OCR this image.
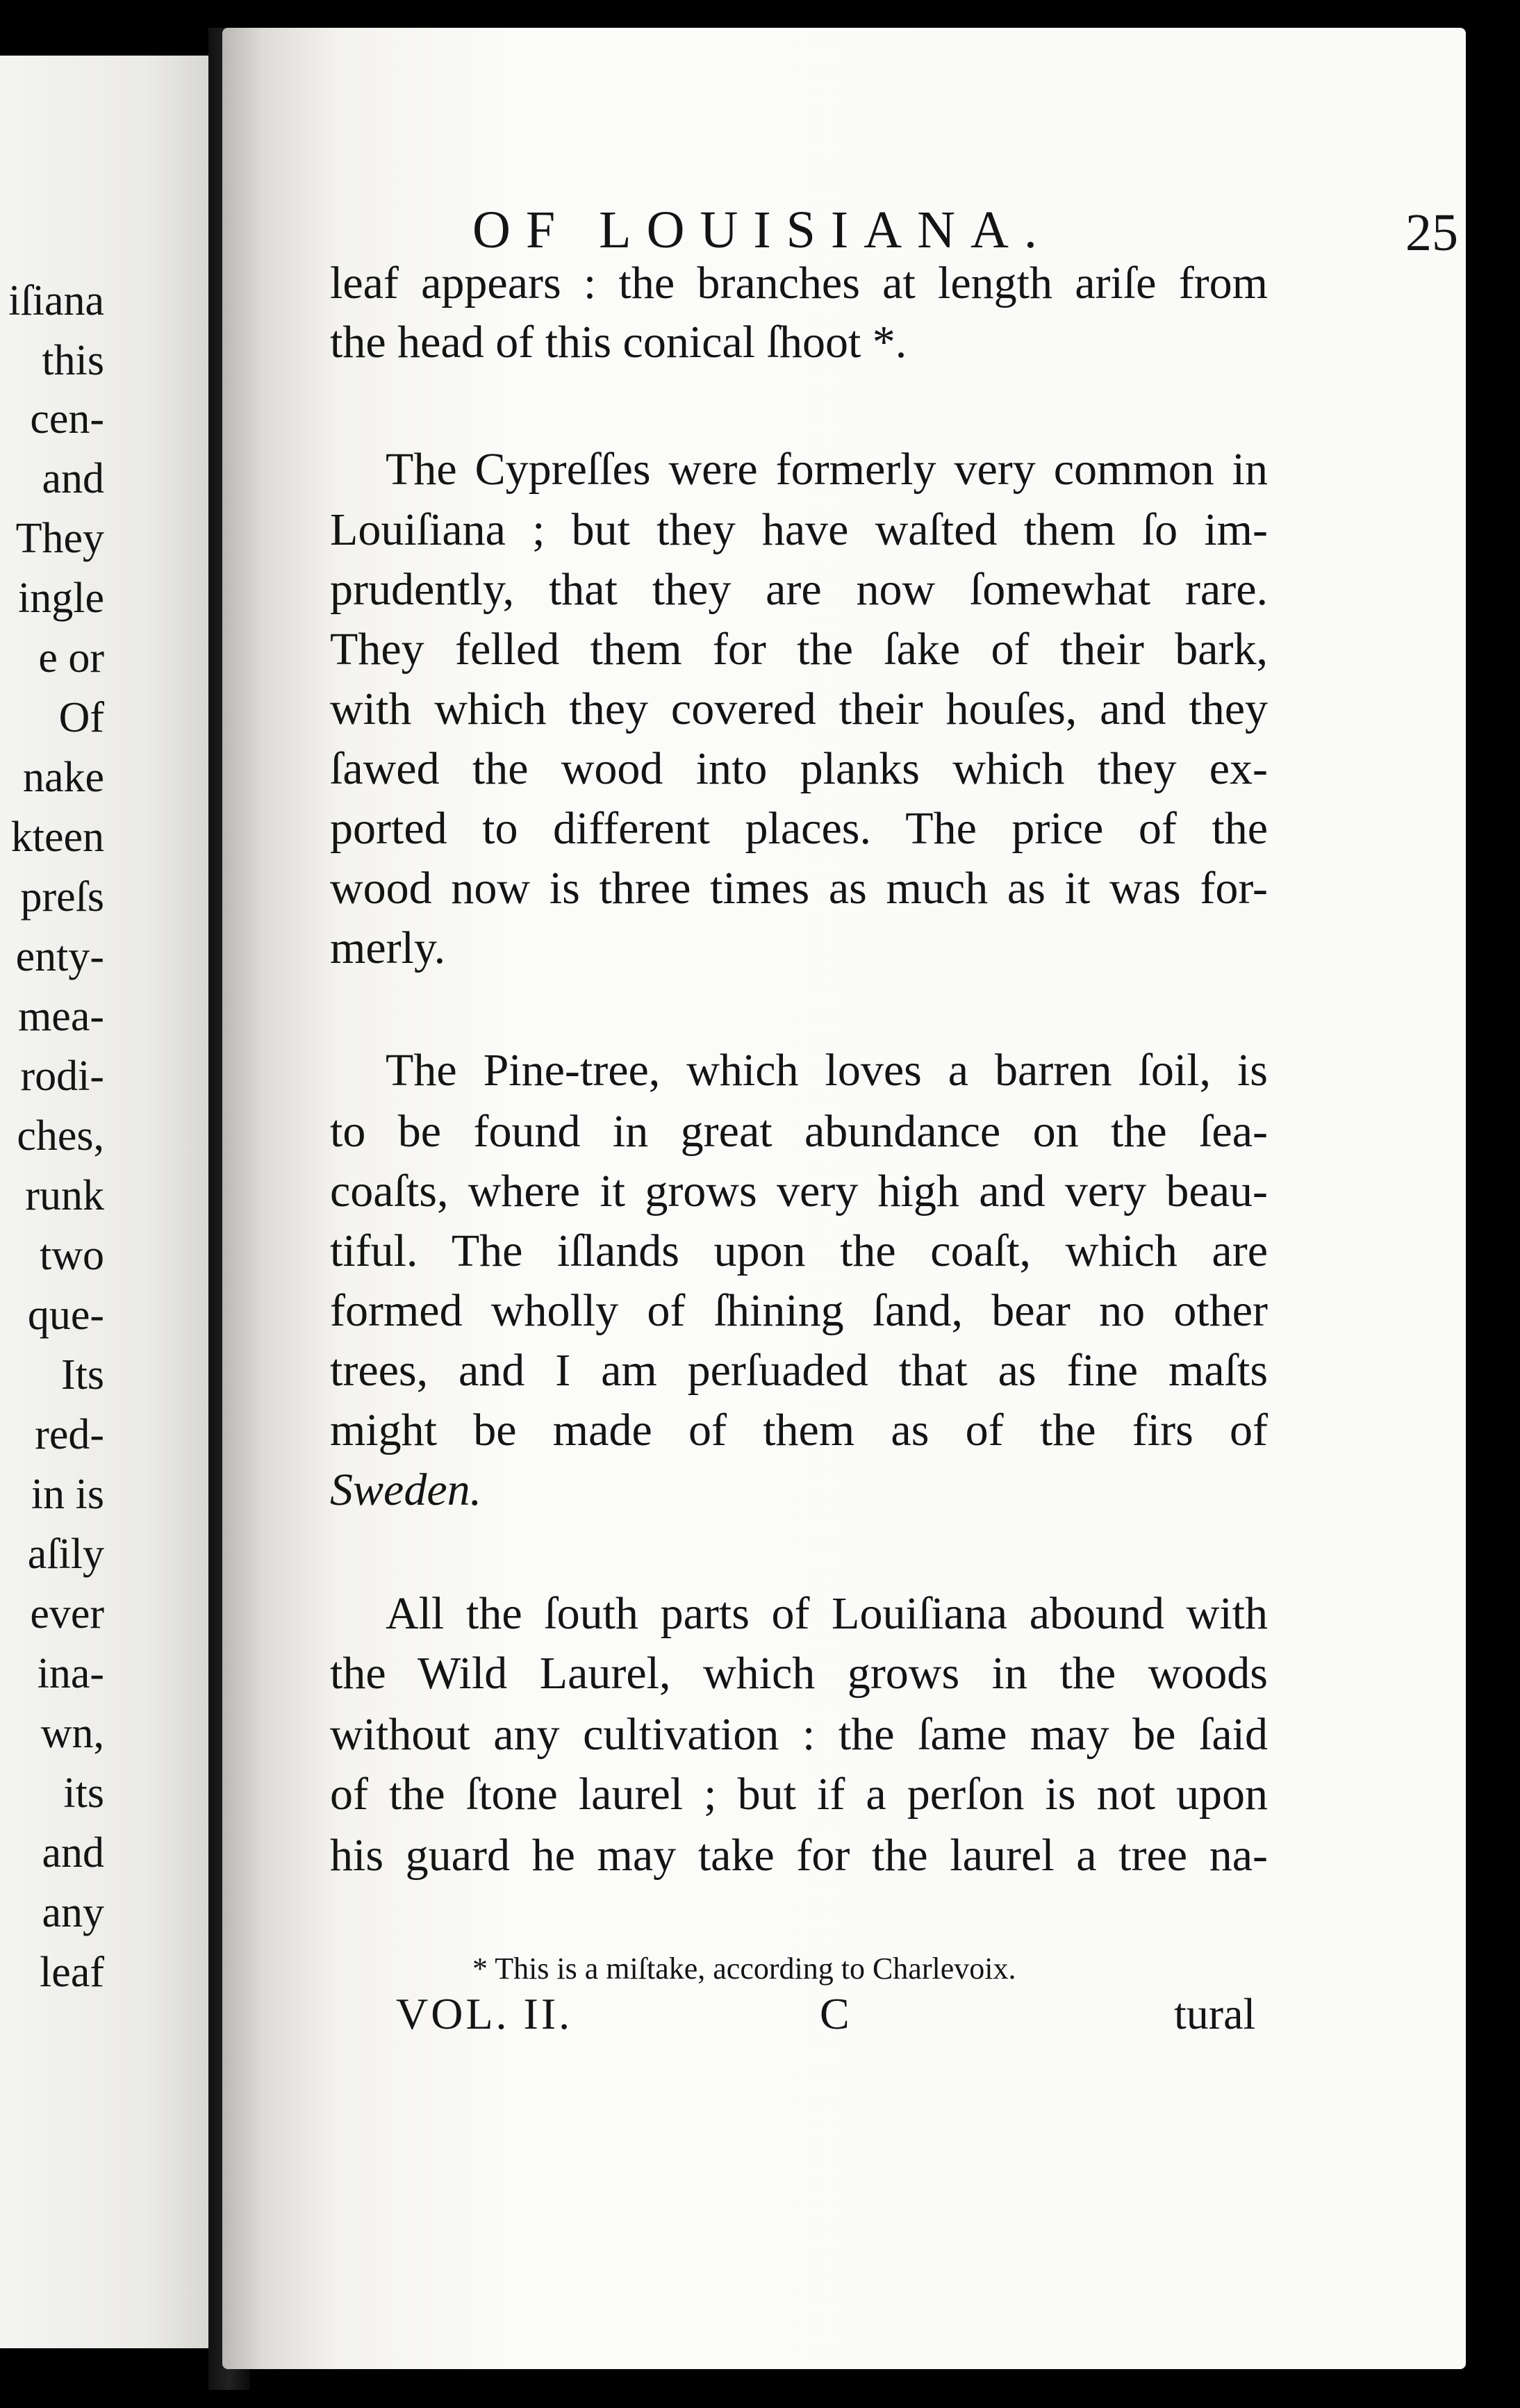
iſiana
this
cen-
and
They
ingle
e or
Of
nake
kteen
preſs
enty-
mea-
rodi-
ches,
runk
two
que-
Its
red-
in is
aſily
ever
ina-
wn,
its
and
any
leaf
OF LOUISIANA.	25
leaf appears : the branches at length ariſe from
the head of this conical ſhoot *.
The Cypreſſes were formerly very common in
Louiſiana ; but they have waſted them ſo im-
prudently, that they are now ſomewhat rare.
They felled them for the ſake of their bark,
with which they covered their houſes, and they
ſawed the wood into planks which they ex-
ported to different places. The price of the
wood now is three times as much as it was for-
merly.
The Pine-tree, which loves a barren ſoil, is
to be found in great abundance on the ſea-
coaſts, where it grows very high and very beau-
tiful. The iſlands upon the coaſt, which are
formed wholly of ſhining ſand, bear no other
trees, and I am perſuaded that as fine maſts
might be made of them as of the firs of
Sweden.
All the ſouth parts of Louiſiana abound with
the Wild Laurel, which grows in the woods
without any cultivation : the ſame may be ſaid
of the ſtone laurel ; but if a perſon is not upon
his guard he may take for the laurel a tree na-
* This is a miſtake, according to Charlevoix.
VOL. II.	C	tural
